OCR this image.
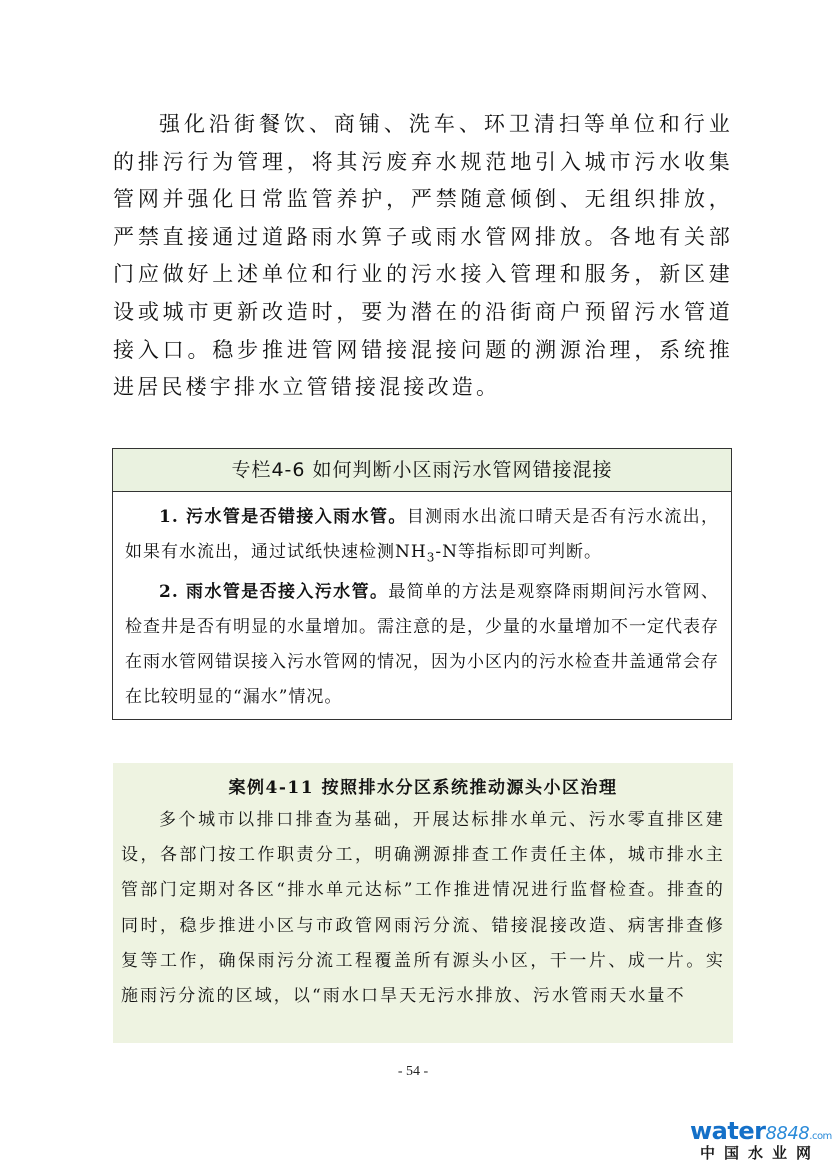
强化沿街餐饮、商铺、洗车、环卫清扫等单位和行业的排污行为管理，将其污废弃水规范地引入城市污水收集管网并强化日常监管养护，严禁随意倾倒、无组织排放，严禁直接通过道路雨水箅子或雨水管网排放。各地有关部门应做好上述单位和行业的污水接入管理和服务，新区建设或城市更新改造时，要为潜在的沿街商户预留污水管道接入口。稳步推进管网错接混接问题的溯源治理，系统推进居民楼宇排水立管错接混接改造。

专栏4-6 如何判断小区雨污水管网错接混接

1. 污水管是否错接入雨水管。目测雨水出流口晴天是否有污水流出，如果有水流出，通过试纸快速检测$NH_3-N$等指标即可判断。

2. 雨水管是否接入污水管。最简单的方法是观察降雨期间污水管网、检查井是否有明显的水量增加。需注意的是，少量的水量增加不一定代表存在雨水管网错误接入污水管网的情况，因为小区内的污水检查井盖通常会存在比较明显的“漏水”情况。

案例4-11 按照排水分区系统推动源头小区治理

多个城市以排口排查为基础，开展达标排水单元、污水零直排区建设，各部门按工作职责分工，明确溯源排查工作责任主体，城市排水主管部门定期对各区“排水单元达标”工作推进情况进行监督检查。排查的同时，稳步推进小区与市政管网雨污分流、错接混接改造、病害排查修复等工作，确保雨污分流工程覆盖所有源头小区，干一片、成一片。实施雨污分流的区域，以“雨水口旱天无污水排放、污水管雨天水量不

- 54 -
water8848.com
中国水业网
